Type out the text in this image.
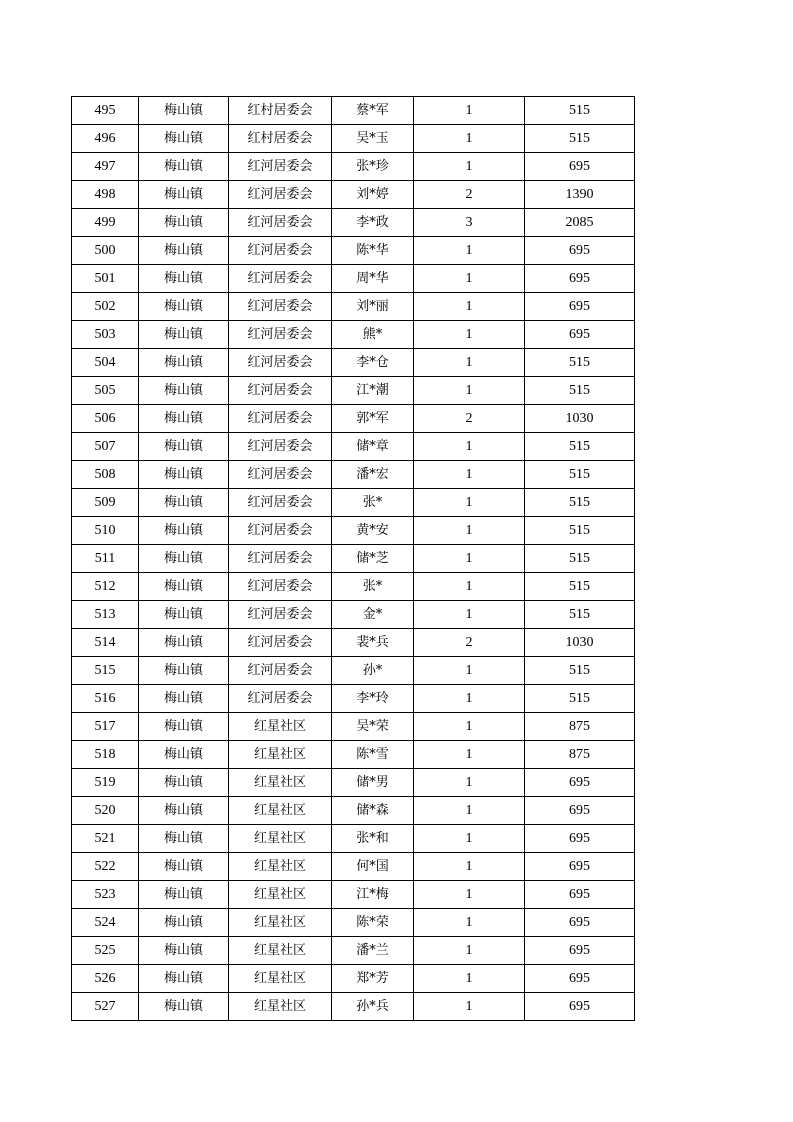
495	梅山镇	红村居委会	蔡*军	1	515
496	梅山镇	红村居委会	吴*玉	1	515
497	梅山镇	红河居委会	张*珍	1	695
498	梅山镇	红河居委会	刘*婷	2	1390
499	梅山镇	红河居委会	李*政	3	2085
500	梅山镇	红河居委会	陈*华	1	695
501	梅山镇	红河居委会	周*华	1	695
502	梅山镇	红河居委会	刘*丽	1	695
503	梅山镇	红河居委会	熊*	1	695
504	梅山镇	红河居委会	李*仓	1	515
505	梅山镇	红河居委会	江*潮	1	515
506	梅山镇	红河居委会	郭*军	2	1030
507	梅山镇	红河居委会	储*章	1	515
508	梅山镇	红河居委会	潘*宏	1	515
509	梅山镇	红河居委会	张*	1	515
510	梅山镇	红河居委会	黄*安	1	515
511	梅山镇	红河居委会	储*芝	1	515
512	梅山镇	红河居委会	张*	1	515
513	梅山镇	红河居委会	金*	1	515
514	梅山镇	红河居委会	裴*兵	2	1030
515	梅山镇	红河居委会	孙*	1	515
516	梅山镇	红河居委会	李*玲	1	515
517	梅山镇	红星社区	吴*荣	1	875
518	梅山镇	红星社区	陈*雪	1	875
519	梅山镇	红星社区	储*男	1	695
520	梅山镇	红星社区	储*森	1	695
521	梅山镇	红星社区	张*和	1	695
522	梅山镇	红星社区	何*国	1	695
523	梅山镇	红星社区	江*梅	1	695
524	梅山镇	红星社区	陈*荣	1	695
525	梅山镇	红星社区	潘*兰	1	695
526	梅山镇	红星社区	郑*芳	1	695
527	梅山镇	红星社区	孙*兵	1	695
